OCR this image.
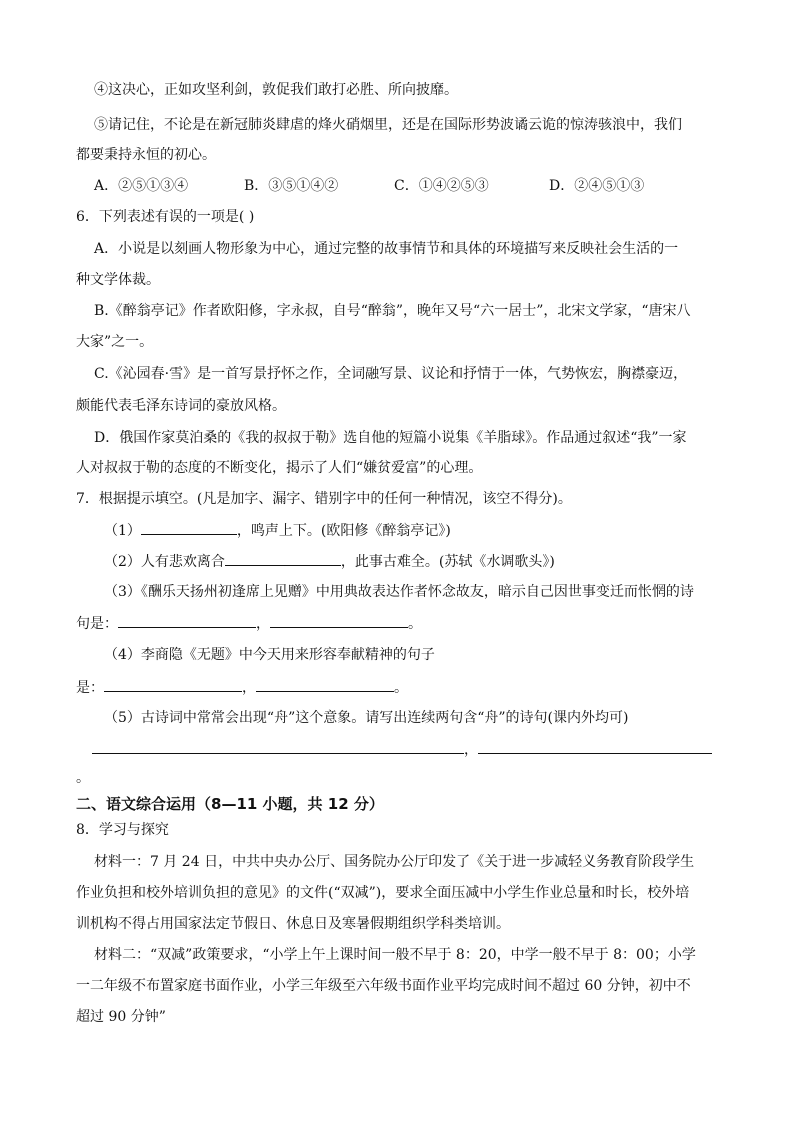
④这决心，正如攻坚利剑，敦促我们敢打必胜、所向披靡。
⑤请记住，不论是在新冠肺炎肆虐的烽火硝烟里，还是在国际形势波谲云诡的惊涛骇浪中，我们
都要秉持永恒的初心。
A．②⑤①③④	B．③⑤①④②	C．①④②⑤③	D．②④⑤①③
6．下列表述有误的一项是( )
A．小说是以刻画人物形象为中心，通过完整的故事情节和具体的环境描写来反映社会生活的一
种文学体裁。
B.《醉翁亭记》作者欧阳修，字永叔，自号“醉翁”，晚年又号“六一居士”，北宋文学家，“唐宋八
大家”之一。
C.《沁园春·雪》是一首写景抒怀之作，全词融写景、议论和抒情于一体，气势恢宏，胸襟豪迈，
颇能代表毛泽东诗词的豪放风格。
D．俄国作家莫泊桑的《我的叔叔于勒》选自他的短篇小说集《羊脂球》。作品通过叙述“我”一家
人对叔叔于勒的态度的不断变化，揭示了人们“嫌贫爱富”的心理。
7．根据提示填空。(凡是加字、漏字、错别字中的任何一种情况，该空不得分)。
（1）	，鸣声上下。(欧阳修《醉翁亭记》)
（2）人有悲欢离合	，此事古难全。(苏轼《水调歌头》)
（3）《酬乐天扬州初逢席上见赠》中用典故表达作者怀念故友，暗示自己因世事变迁而怅惘的诗
句是：	，	。
（4）李商隐《无题》中今天用来形容奉献精神的句子
是：	，	。
（5）古诗词中常常会出现“舟”这个意象。请写出连续两句含“舟”的诗句(课内外均可)
，
。
二、语文综合运用（8—11 小题，共 12 分）
8．学习与探究
材料一：7 月 24 日，中共中央办公厅、国务院办公厅印发了《关于进一步减轻义务教育阶段学生
作业负担和校外培训负担的意见》的文件(“双减”)，要求全面压减中小学生作业总量和时长，校外培
训机构不得占用国家法定节假日、休息日及寒暑假期组织学科类培训。
材料二：“双减”政策要求，“小学上午上课时间一般不早于 8：20，中学一般不早于 8：00；小学
一二年级不布置家庭书面作业，小学三年级至六年级书面作业平均完成时间不超过 60 分钟，初中不
超过 90 分钟”
